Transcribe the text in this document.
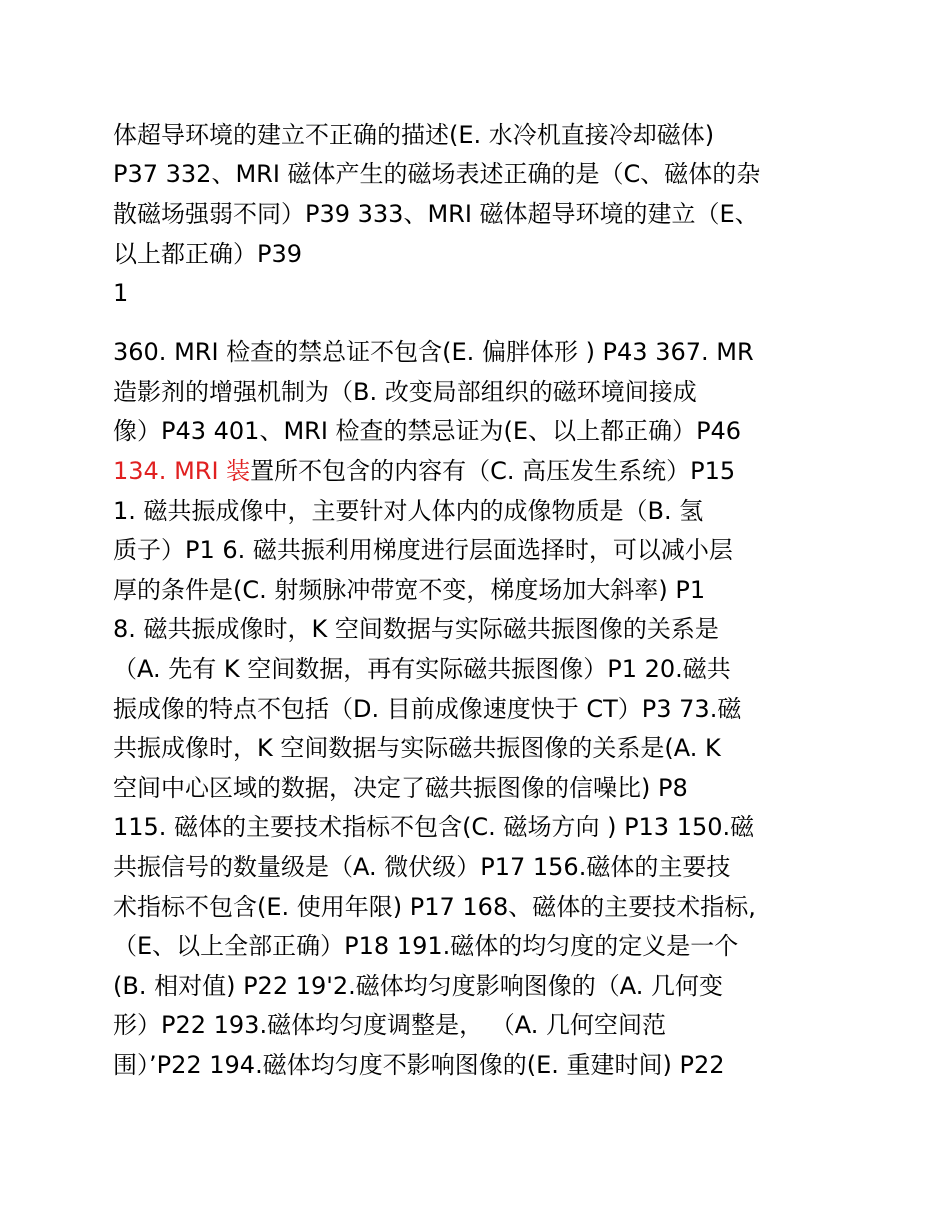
体超导环境的建立不正确的描述(E. 水冷机直接冷却磁体)
P37 332、MRI 磁体产生的磁场表述正确的是（C、磁体的杂
散磁场强弱不同）P39 333、MRI 磁体超导环境的建立（E、
以上都正确）P39
1
360. MRI 检查的禁总证不包含(E. 偏胖体形 ) P43 367. MR
造影剂的增强机制为（B. 改变局部组织的磁环境间接成
像）P43 401、MRI 检查的禁忌证为(E、以上都正确）P46
134. MRI 装置所不包含的内容有（C. 高压发生系统）P15
1. 磁共振成像中，主要针对人体内的成像物质是（B. 氢
质子）P1 6. 磁共振利用梯度进行层面选择时，可以减小层
厚的条件是(C. 射频脉冲带宽不变，梯度场加大斜率) P1
8. 磁共振成像时，K 空间数据与实际磁共振图像的关系是
（A. 先有 K 空间数据，再有实际磁共振图像）P1 20.磁共
振成像的特点不包括（D. 目前成像速度快于 CT）P3 73.磁
共振成像时，K 空间数据与实际磁共振图像的关系是(A. K
空间中心区域的数据，决定了磁共振图像的信噪比) P8
115. 磁体的主要技术指标不包含(C. 磁场方向 ) P13 150.磁
共振信号的数量级是（A. 微伏级）P17 156.磁体的主要技
术指标不包含(E. 使用年限) P17 168、磁体的主要技术指标,
（E、以上全部正确）P18 191.磁体的均匀度的定义是一个
(B. 相对值) P22 19'2.磁体均匀度影响图像的（A. 几何变
形）P22 193.磁体均匀度调整是， （A. 几何空间范
围）’P22 194.磁体均匀度不影响图像的(E. 重建时间) P22
